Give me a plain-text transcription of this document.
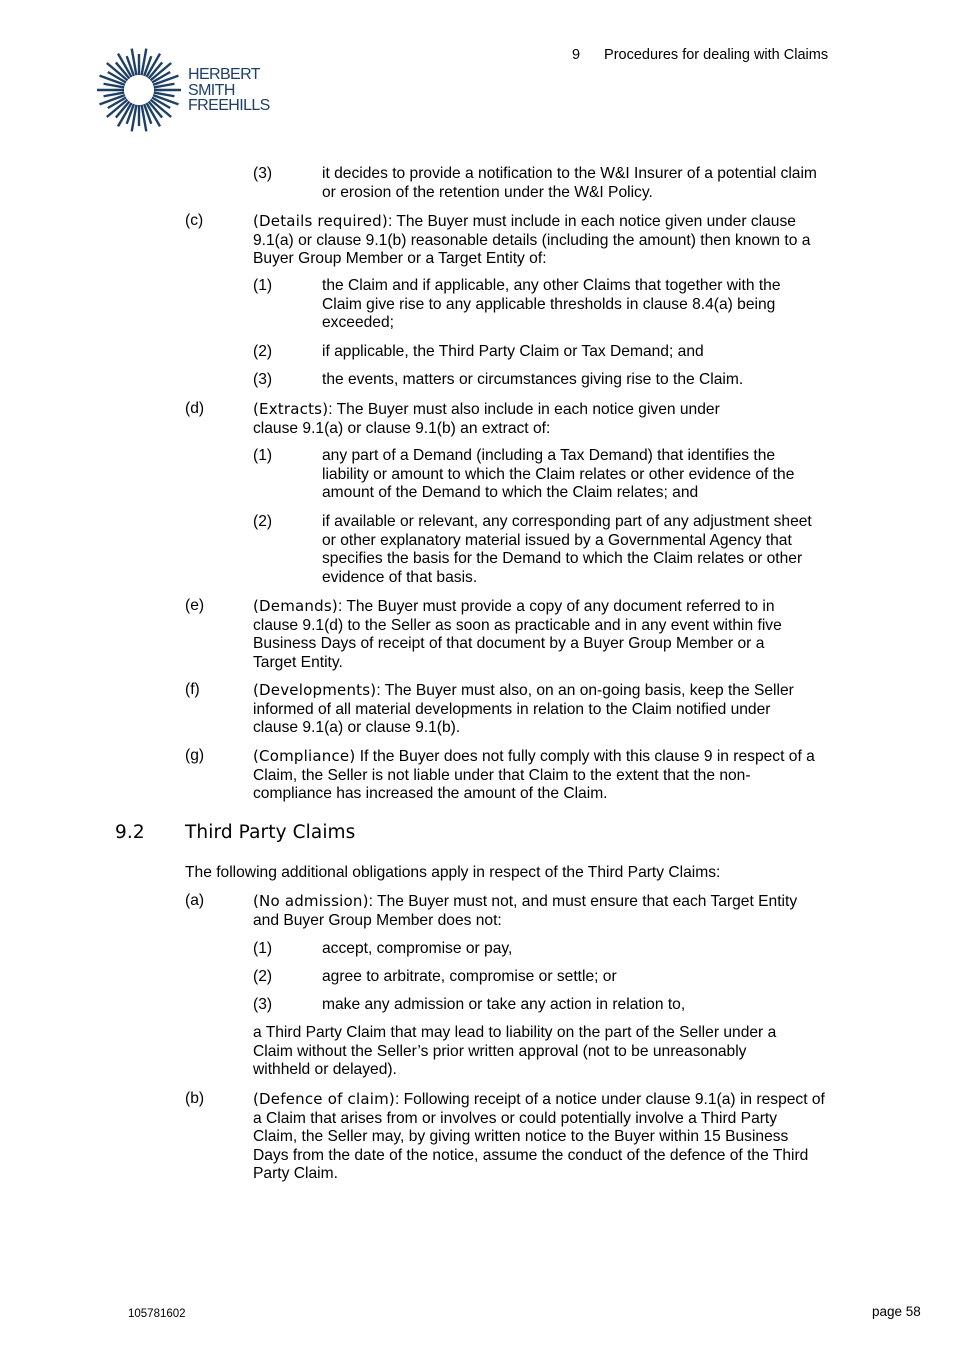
HERBERT
SMITH
FREEHILLS
9 Procedures for dealing with Claims
(3)	it decides to provide a notification to the W&I Insurer of a potential claim or erosion of the retention under the W&I Policy.
(c)	(Details required): The Buyer must include in each notice given under clause 9.1(a) or clause 9.1(b) reasonable details (including the amount) then known to a Buyer Group Member or a Target Entity of:
(1)	the Claim and if applicable, any other Claims that together with the Claim give rise to any applicable thresholds in clause 8.4(a) being exceeded;
(2)	if applicable, the Third Party Claim or Tax Demand; and
(3)	the events, matters or circumstances giving rise to the Claim.
(d)	(Extracts): The Buyer must also include in each notice given under clause 9.1(a) or clause 9.1(b) an extract of:
(1)	any part of a Demand (including a Tax Demand) that identifies the liability or amount to which the Claim relates or other evidence of the amount of the Demand to which the Claim relates; and
(2)	if available or relevant, any corresponding part of any adjustment sheet or other explanatory material issued by a Governmental Agency that specifies the basis for the Demand to which the Claim relates or other evidence of that basis.
(e)	(Demands): The Buyer must provide a copy of any document referred to in clause 9.1(d) to the Seller as soon as practicable and in any event within five Business Days of receipt of that document by a Buyer Group Member or a Target Entity.
(f)	(Developments): The Buyer must also, on an on-going basis, keep the Seller informed of all material developments in relation to the Claim notified under clause 9.1(a) or clause 9.1(b).
(g)	(Compliance) If the Buyer does not fully comply with this clause 9 in respect of a Claim, the Seller is not liable under that Claim to the extent that the non-compliance has increased the amount of the Claim.
9.2 Third Party Claims
The following additional obligations apply in respect of the Third Party Claims:
(a)	(No admission): The Buyer must not, and must ensure that each Target Entity and Buyer Group Member does not:
(1)	accept, compromise or pay,
(2)	agree to arbitrate, compromise or settle; or
(3)	make any admission or take any action in relation to,
a Third Party Claim that may lead to liability on the part of the Seller under a Claim without the Seller’s prior written approval (not to be unreasonably withheld or delayed).
(b)	(Defence of claim): Following receipt of a notice under clause 9.1(a) in respect of a Claim that arises from or involves or could potentially involve a Third Party Claim, the Seller may, by giving written notice to the Buyer within 15 Business Days from the date of the notice, assume the conduct of the defence of the Third Party Claim.
105781602	page 58
